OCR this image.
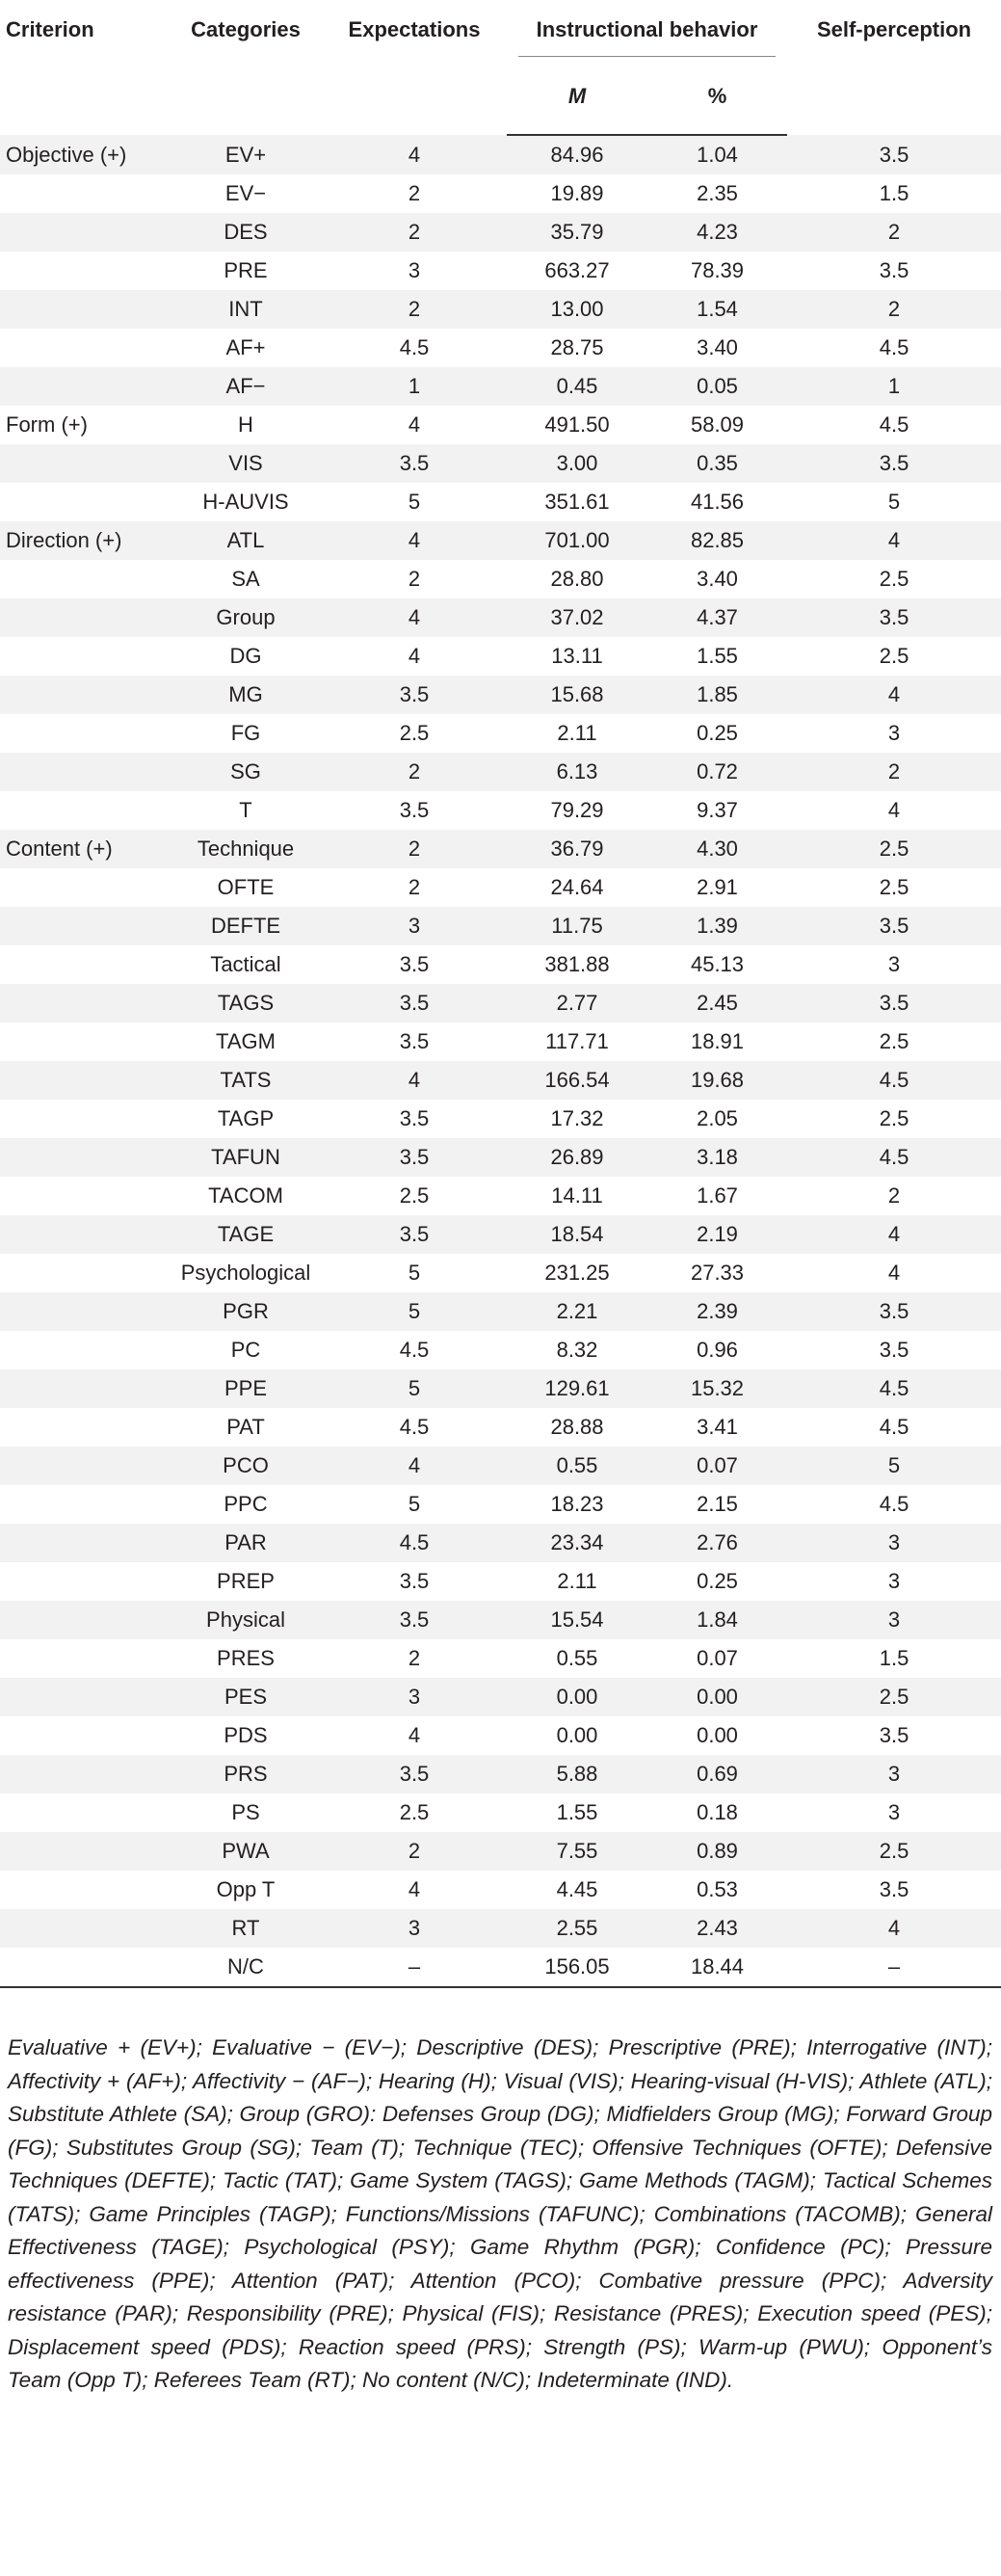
Criterion	Categories	Expectations	Instructional behavior		Self-perception
			M	%	
Objective (+)	EV+	4	84.96	1.04	3.5
	EV−	2	19.89	2.35	1.5
	DES	2	35.79	4.23	2
	PRE	3	663.27	78.39	3.5
	INT	2	13.00	1.54	2
	AF+	4.5	28.75	3.40	4.5
	AF−	1	0.45	0.05	1
Form (+)	H	4	491.50	58.09	4.5
	VIS	3.5	3.00	0.35	3.5
	H-AUVIS	5	351.61	41.56	5
Direction (+)	ATL	4	701.00	82.85	4
	SA	2	28.80	3.40	2.5
	Group	4	37.02	4.37	3.5
	DG	4	13.11	1.55	2.5
	MG	3.5	15.68	1.85	4
	FG	2.5	2.11	0.25	3
	SG	2	6.13	0.72	2
	T	3.5	79.29	9.37	4
Content (+)	Technique	2	36.79	4.30	2.5
	OFTE	2	24.64	2.91	2.5
	DEFTE	3	11.75	1.39	3.5
	Tactical	3.5	381.88	45.13	3
	TAGS	3.5	2.77	2.45	3.5
	TAGM	3.5	117.71	18.91	2.5
	TATS	4	166.54	19.68	4.5
	TAGP	3.5	17.32	2.05	2.5
	TAFUN	3.5	26.89	3.18	4.5
	TACOM	2.5	14.11	1.67	2
	TAGE	3.5	18.54	2.19	4
	Psychological	5	231.25	27.33	4
	PGR	5	2.21	2.39	3.5
	PC	4.5	8.32	0.96	3.5
	PPE	5	129.61	15.32	4.5
	PAT	4.5	28.88	3.41	4.5
	PCO	4	0.55	0.07	5
	PPC	5	18.23	2.15	4.5
	PAR	4.5	23.34	2.76	3
	PREP	3.5	2.11	0.25	3
	Physical	3.5	15.54	1.84	3
	PRES	2	0.55	0.07	1.5
	PES	3	0.00	0.00	2.5
	PDS	4	0.00	0.00	3.5
	PRS	3.5	5.88	0.69	3
	PS	2.5	1.55	0.18	3
	PWA	2	7.55	0.89	2.5
	Opp T	4	4.45	0.53	3.5
	RT	3	2.55	2.43	4
	N/C	–	156.05	18.44	–

Evaluative + (EV+); Evaluative − (EV−); Descriptive (DES); Prescriptive (PRE); Interrogative (INT); Affectivity + (AF+); Affectivity − (AF−); Hearing (H); Visual (VIS); Hearing-visual (H-VIS); Athlete (ATL); Substitute Athlete (SA); Group (GRO): Defenses Group (DG); Midfielders Group (MG); Forward Group (FG); Substitutes Group (SG); Team (T); Technique (TEC); Offensive Techniques (OFTE); Defensive Techniques (DEFTE); Tactic (TAT); Game System (TAGS); Game Methods (TAGM); Tactical Schemes (TATS); Game Principles (TAGP); Functions/Missions (TAFUNC); Combinations (TACOMB); General Effectiveness (TAGE); Psychological (PSY); Game Rhythm (PGR); Confidence (PC); Pressure effectiveness (PPE); Attention (PAT); Attention (PCO); Combative pressure (PPC); Adversity resistance (PAR); Responsibility (PRE); Physical (FIS); Resistance (PRES); Execution speed (PES); Displacement speed (PDS); Reaction speed (PRS); Strength (PS); Warm-up (PWU); Opponent’s Team (Opp T); Referees Team (RT); No content (N/C); Indeterminate (IND).
